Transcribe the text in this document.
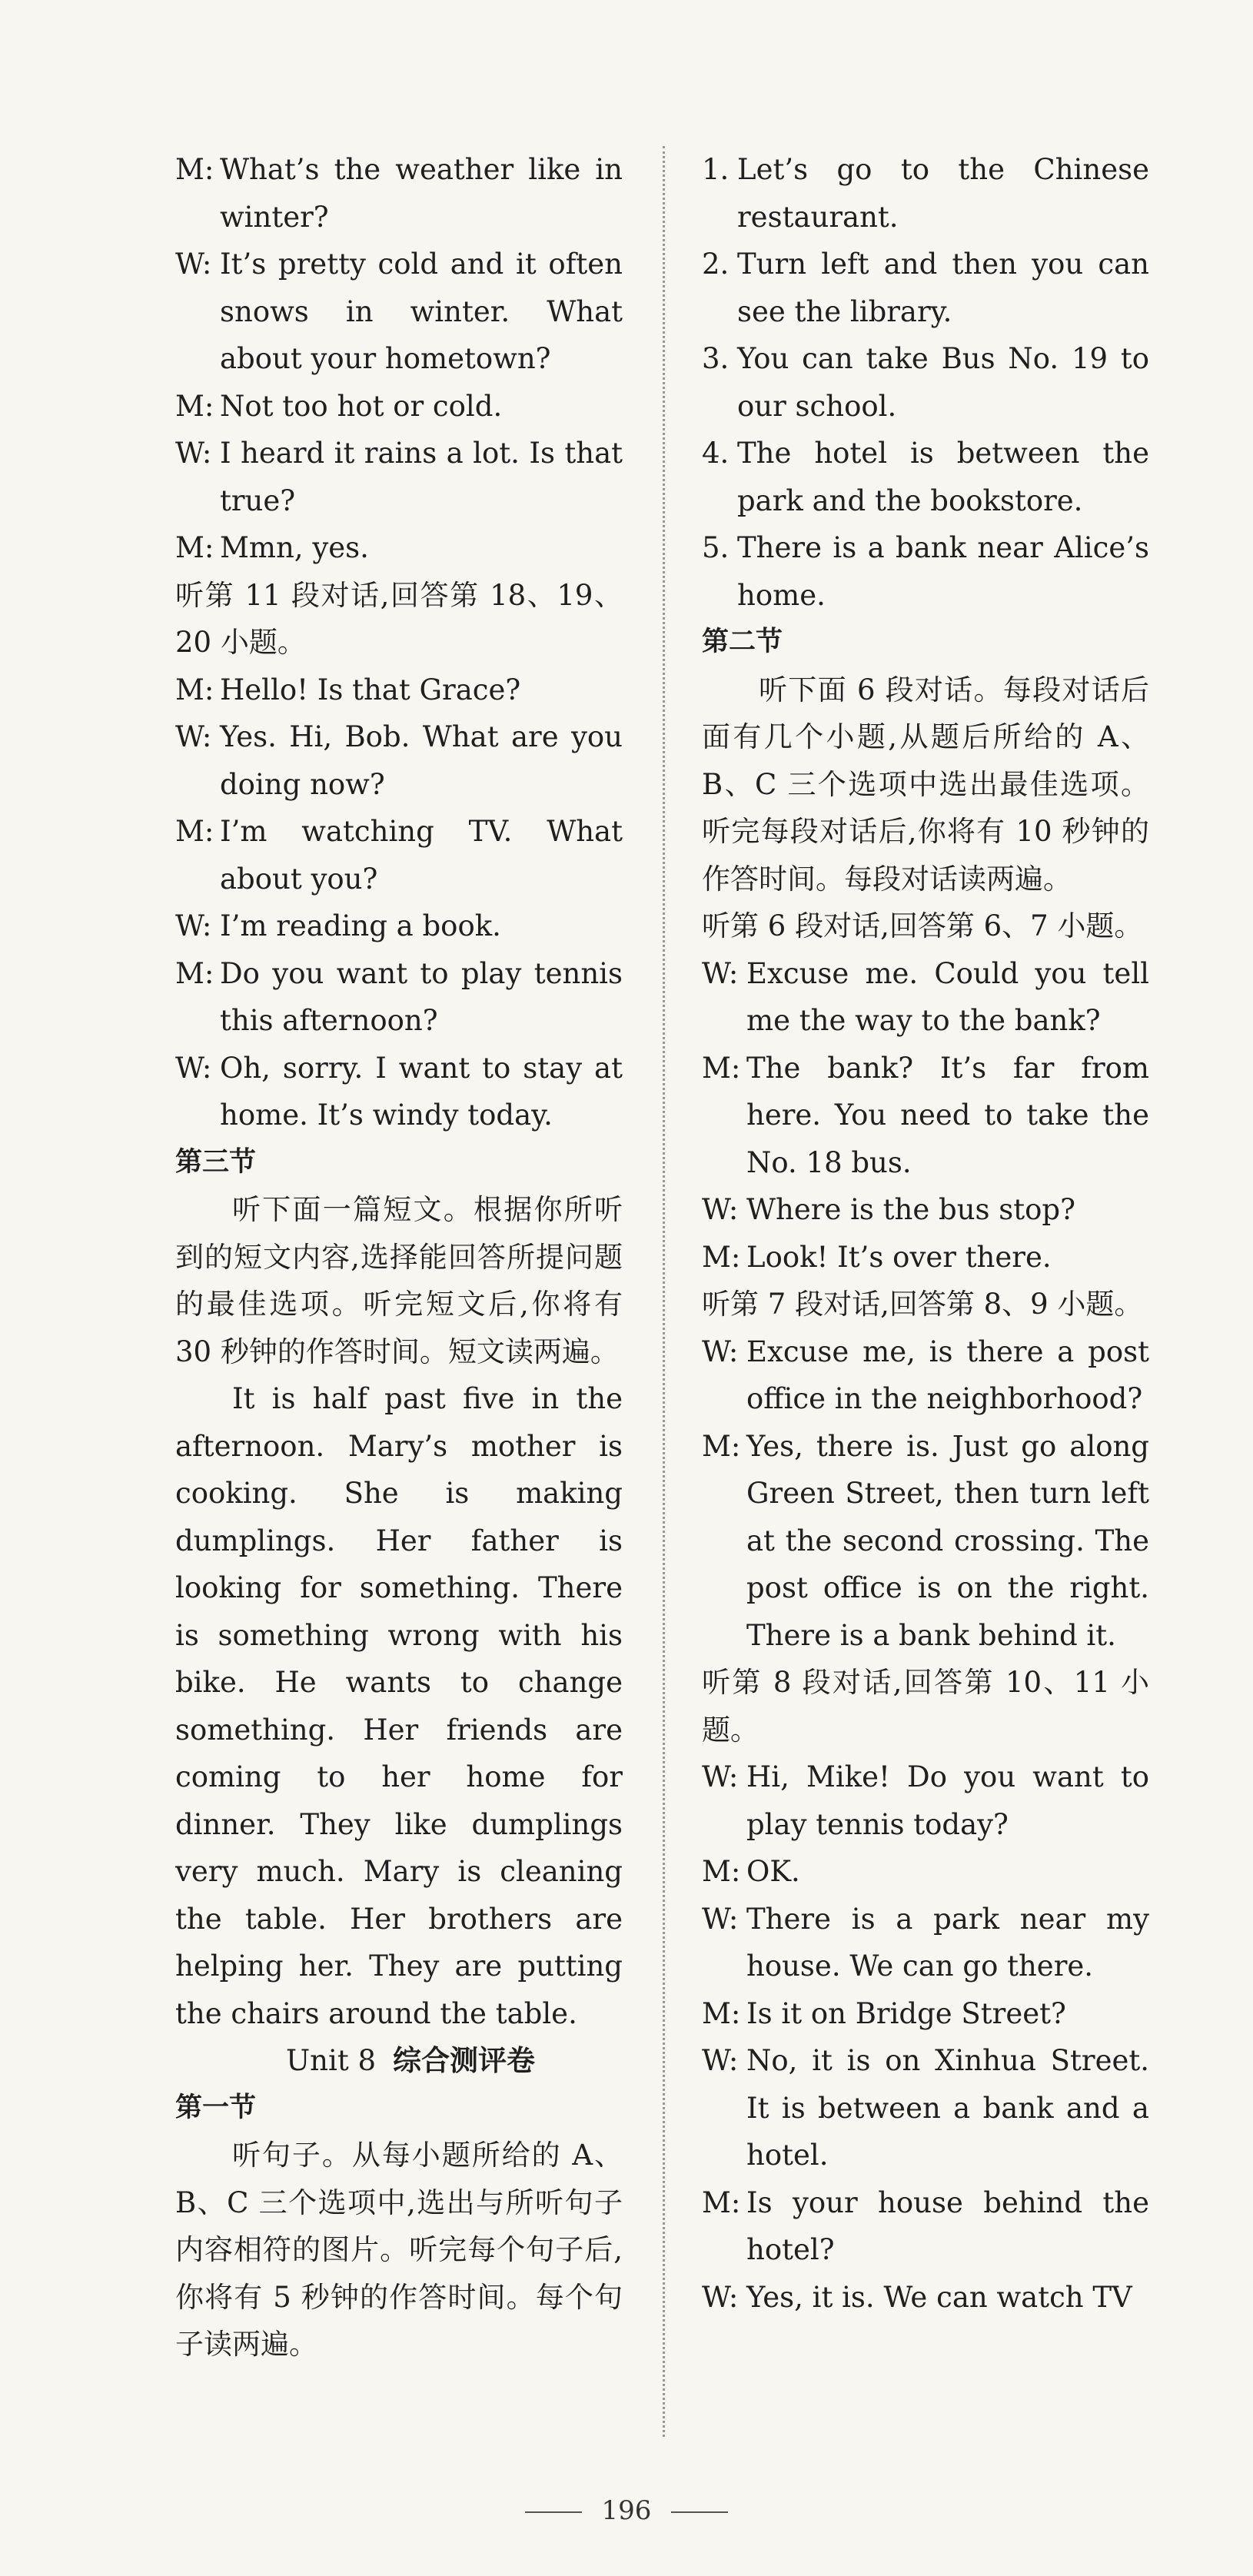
M: What’s the weather like in winter?
W: It’s pretty cold and it often snows in winter. What about your hometown?
M: Not too hot or cold.
W: I heard it rains a lot. Is that true?
M: Mmn, yes.
听第 11 段对话,回答第 18、19、20 小题。
M: Hello! Is that Grace?
W: Yes. Hi, Bob. What are you doing now?
M: I’m watching TV. What about you?
W: I’m reading a book.
M: Do you want to play tennis this afternoon?
W: Oh, sorry. I want to stay at home. It’s windy today.
第三节
听下面一篇短文。根据你所听到的短文内容,选择能回答所提问题的最佳选项。听完短文后,你将有 30 秒钟的作答时间。短文读两遍。
It is half past five in the afternoon. Mary’s mother is cooking. She is making dumplings. Her father is looking for something. There is something wrong with his bike. He wants to change something. Her friends are coming to her home for dinner. They like dumplings very much. Mary is cleaning the table. Her brothers are helping her. They are putting the chairs around the table.
Unit 8 综合测评卷
第一节
听句子。从每小题所给的 A、B、C 三个选项中,选出与所听句子内容相符的图片。听完每个句子后,你将有 5 秒钟的作答时间。每个句子读两遍。
1. Let’s go to the Chinese restaurant.
2. Turn left and then you can see the library.
3. You can take Bus No. 19 to our school.
4. The hotel is between the park and the bookstore.
5. There is a bank near Alice’s home.
第二节
听下面 6 段对话。每段对话后面有几个小题,从题后所给的 A、B、C 三个选项中选出最佳选项。听完每段对话后,你将有 10 秒钟的作答时间。每段对话读两遍。
听第 6 段对话,回答第 6、7 小题。
W: Excuse me. Could you tell me the way to the bank?
M: The bank? It’s far from here. You need to take the No. 18 bus.
W: Where is the bus stop?
M: Look! It’s over there.
听第 7 段对话,回答第 8、9 小题。
W: Excuse me, is there a post office in the neighborhood?
M: Yes, there is. Just go along Green Street, then turn left at the second crossing. The post office is on the right. There is a bank behind it.
听第 8 段对话,回答第 10、11 小题。
W: Hi, Mike! Do you want to play tennis today?
M: OK.
W: There is a park near my house. We can go there.
M: Is it on Bridge Street?
W: No, it is on Xinhua Street. It is between a bank and a hotel.
M: Is your house behind the hotel?
W: Yes, it is. We can watch TV
196
